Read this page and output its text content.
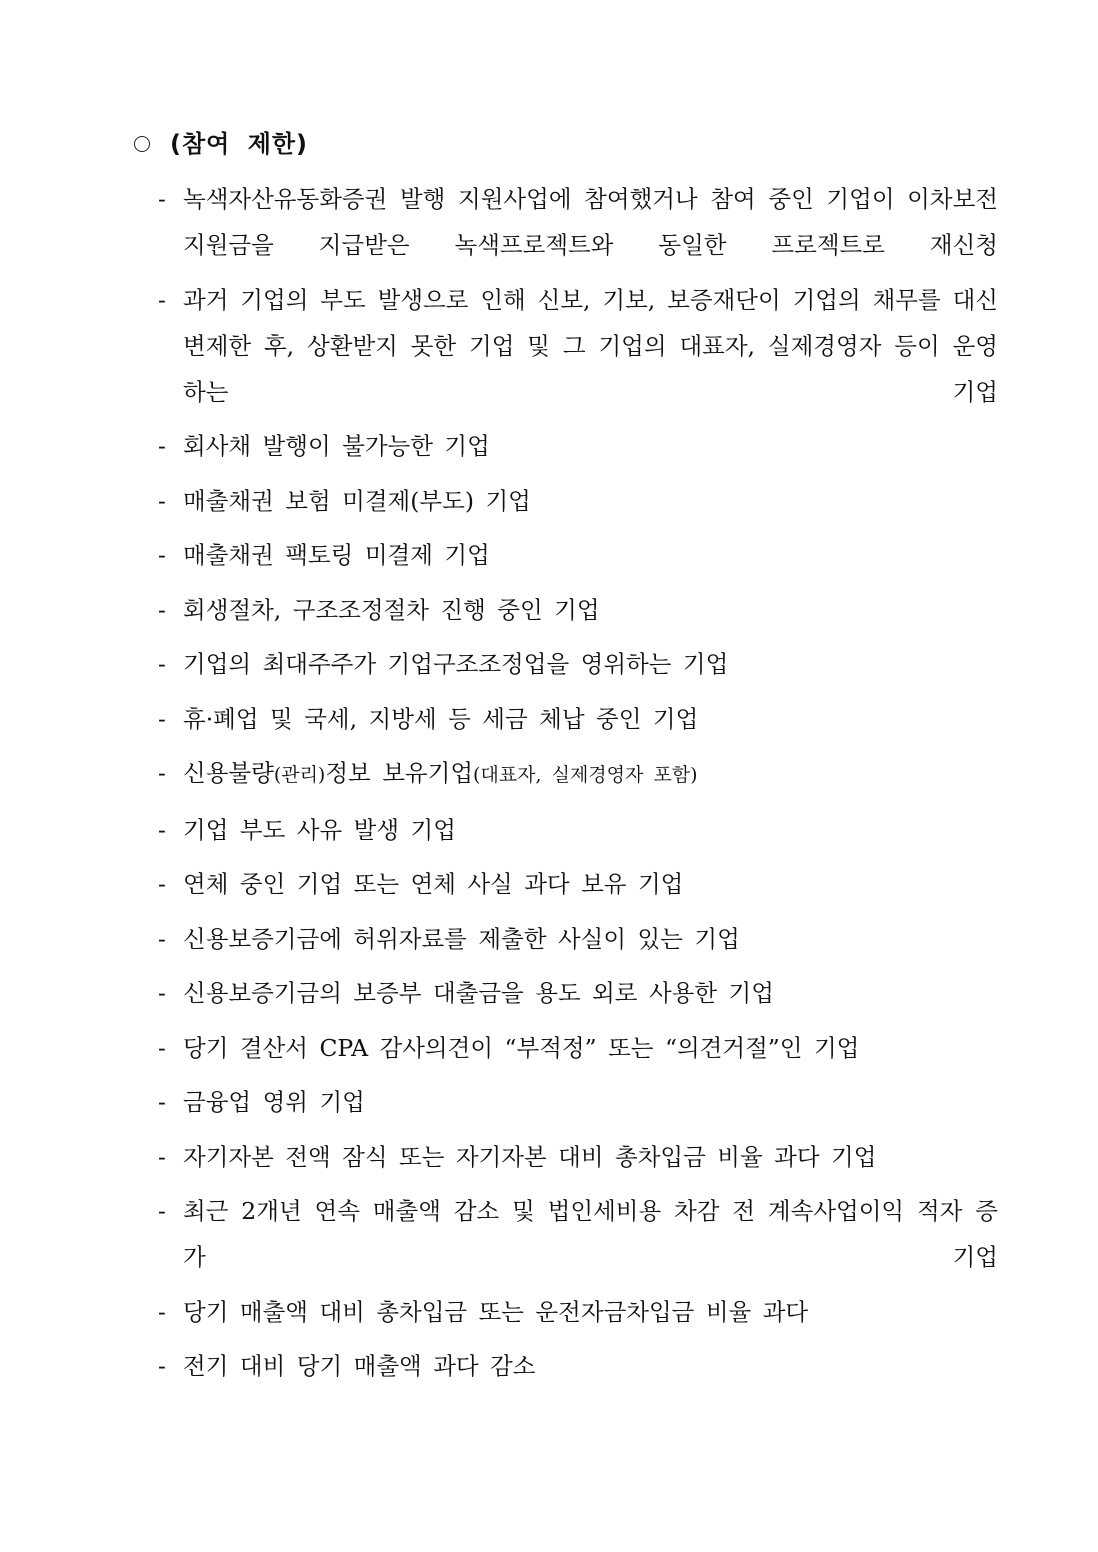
(참여 제한)
- 녹색자산유동화증권 발행 지원사업에 참여했거나 참여 중인 기업이 이차보전 지원금을 지급받은 녹색프로젝트와 동일한 프로젝트로 재신청
- 과거 기업의 부도 발생으로 인해 신보, 기보, 보증재단이 기업의 채무를 대신 변제한 후, 상환받지 못한 기업 및 그 기업의 대표자, 실제경영자 등이 운영하는 기업
- 회사채 발행이 불가능한 기업
- 매출채권 보험 미결제(부도) 기업
- 매출채권 팩토링 미결제 기업
- 회생절차, 구조조정절차 진행 중인 기업
- 기업의 최대주주가 기업구조조정업을 영위하는 기업
- 휴·폐업 및 국세, 지방세 등 세금 체납 중인 기업
- 신용불량(관리)정보 보유기업(대표자, 실제경영자 포함)
- 기업 부도 사유 발생 기업
- 연체 중인 기업 또는 연체 사실 과다 보유 기업
- 신용보증기금에 허위자료를 제출한 사실이 있는 기업
- 신용보증기금의 보증부 대출금을 용도 외로 사용한 기업
- 당기 결산서 CPA 감사의견이 “부적정” 또는 “의견거절”인 기업
- 금융업 영위 기업
- 자기자본 전액 잠식 또는 자기자본 대비 총차입금 비율 과다 기업
- 최근 2개년 연속 매출액 감소 및 법인세비용 차감 전 계속사업이익 적자 증가 기업
- 당기 매출액 대비 총차입금 또는 운전자금차입금 비율 과다
- 전기 대비 당기 매출액 과다 감소
